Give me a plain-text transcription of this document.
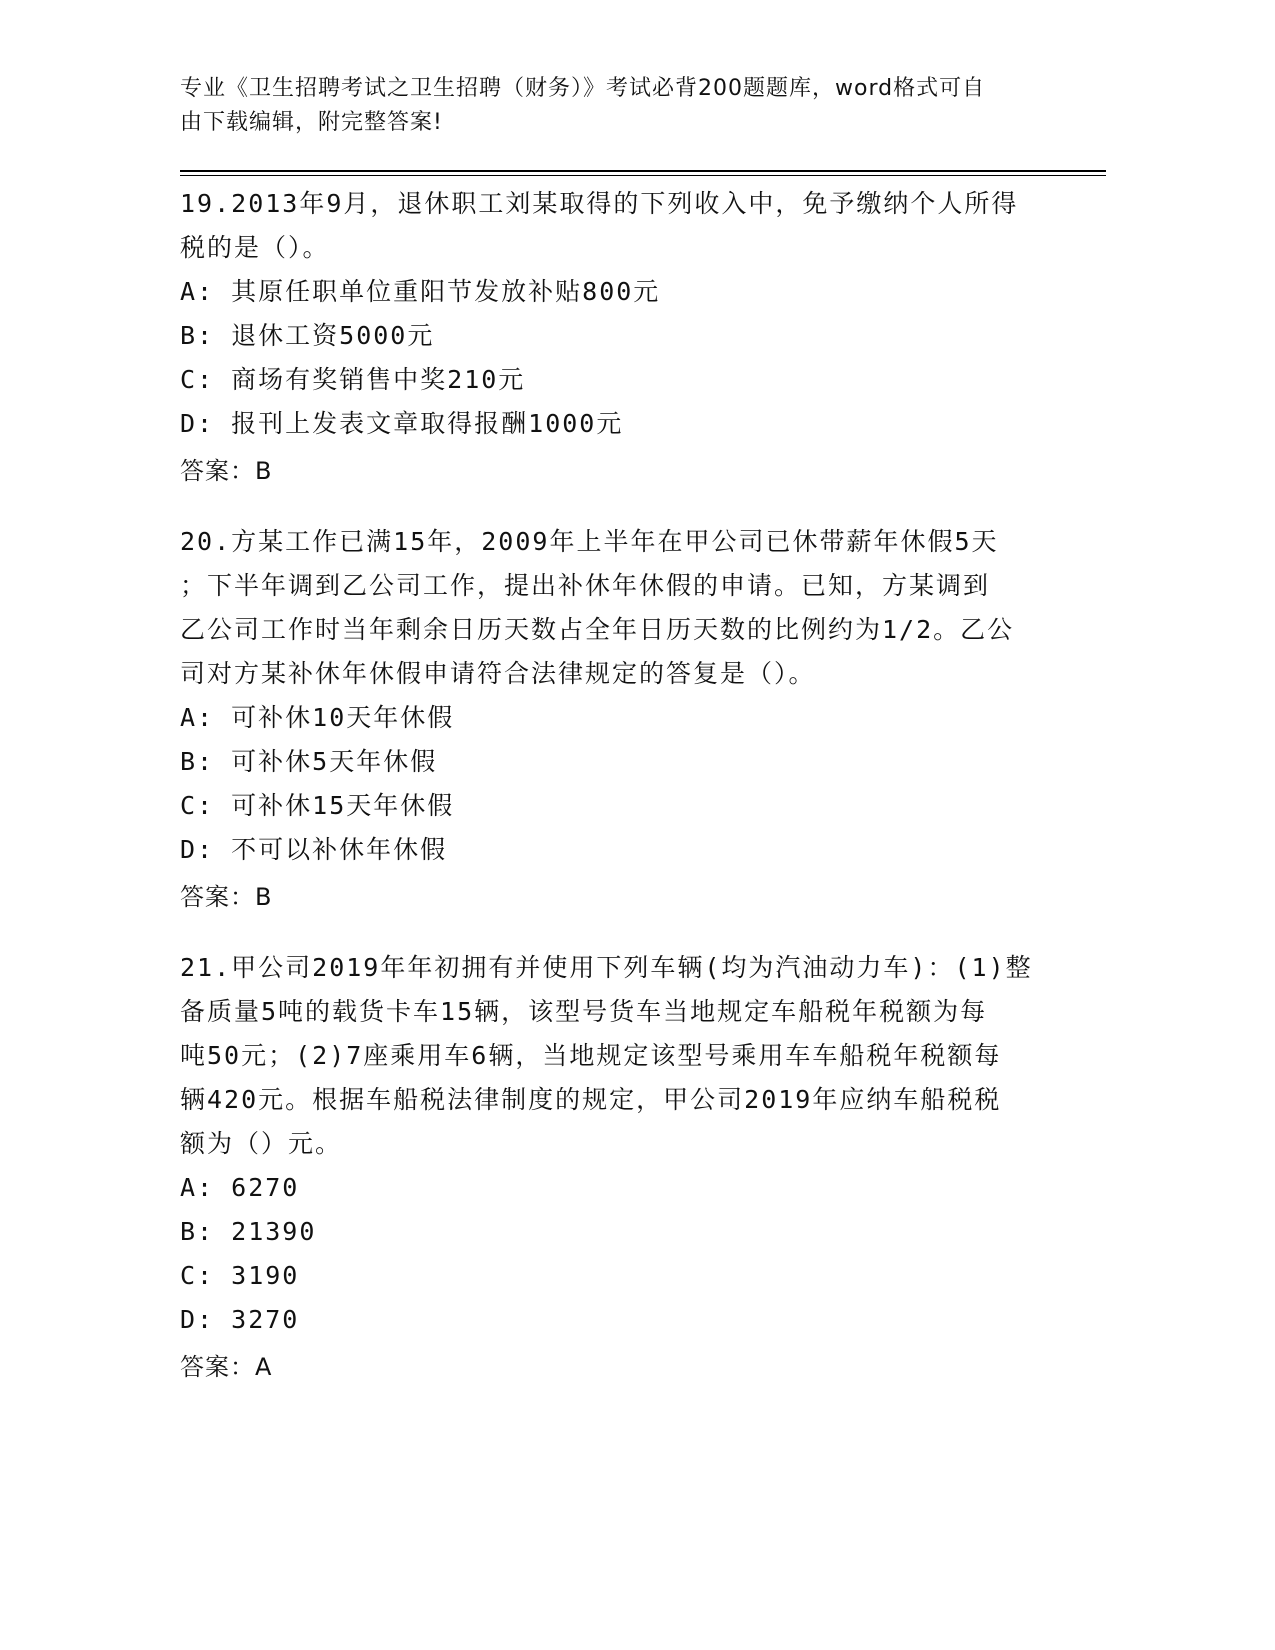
专业《卫生招聘考试之卫生招聘（财务）》考试必背200题题库，word格式可自
由下载编辑，附完整答案!
19.2013年9月，退休职工刘某取得的下列收入中，免予缴纳个人所得
税的是（）。
A: 其原任职单位重阳节发放补贴800元
B: 退休工资5000元
C: 商场有奖销售中奖210元
D: 报刊上发表文章取得报酬1000元
答案：B
20.方某工作已满15年，2009年上半年在甲公司已休带薪年休假5天
；下半年调到乙公司工作，提出补休年休假的申请。已知，方某调到
乙公司工作时当年剩余日历天数占全年日历天数的比例约为1/2。乙公
司对方某补休年休假申请符合法律规定的答复是（）。
A: 可补休10天年休假
B: 可补休5天年休假
C: 可补休15天年休假
D: 不可以补休年休假
答案：B
21.甲公司2019年年初拥有并使用下列车辆(均为汽油动力车)：(1)整
备质量5吨的载货卡车15辆，该型号货车当地规定车船税年税额为每
吨50元；(2)7座乘用车6辆，当地规定该型号乘用车车船税年税额每
辆420元。根据车船税法律制度的规定，甲公司2019年应纳车船税税
额为（）元。
A: 6270
B: 21390
C: 3190
D: 3270
答案：A
